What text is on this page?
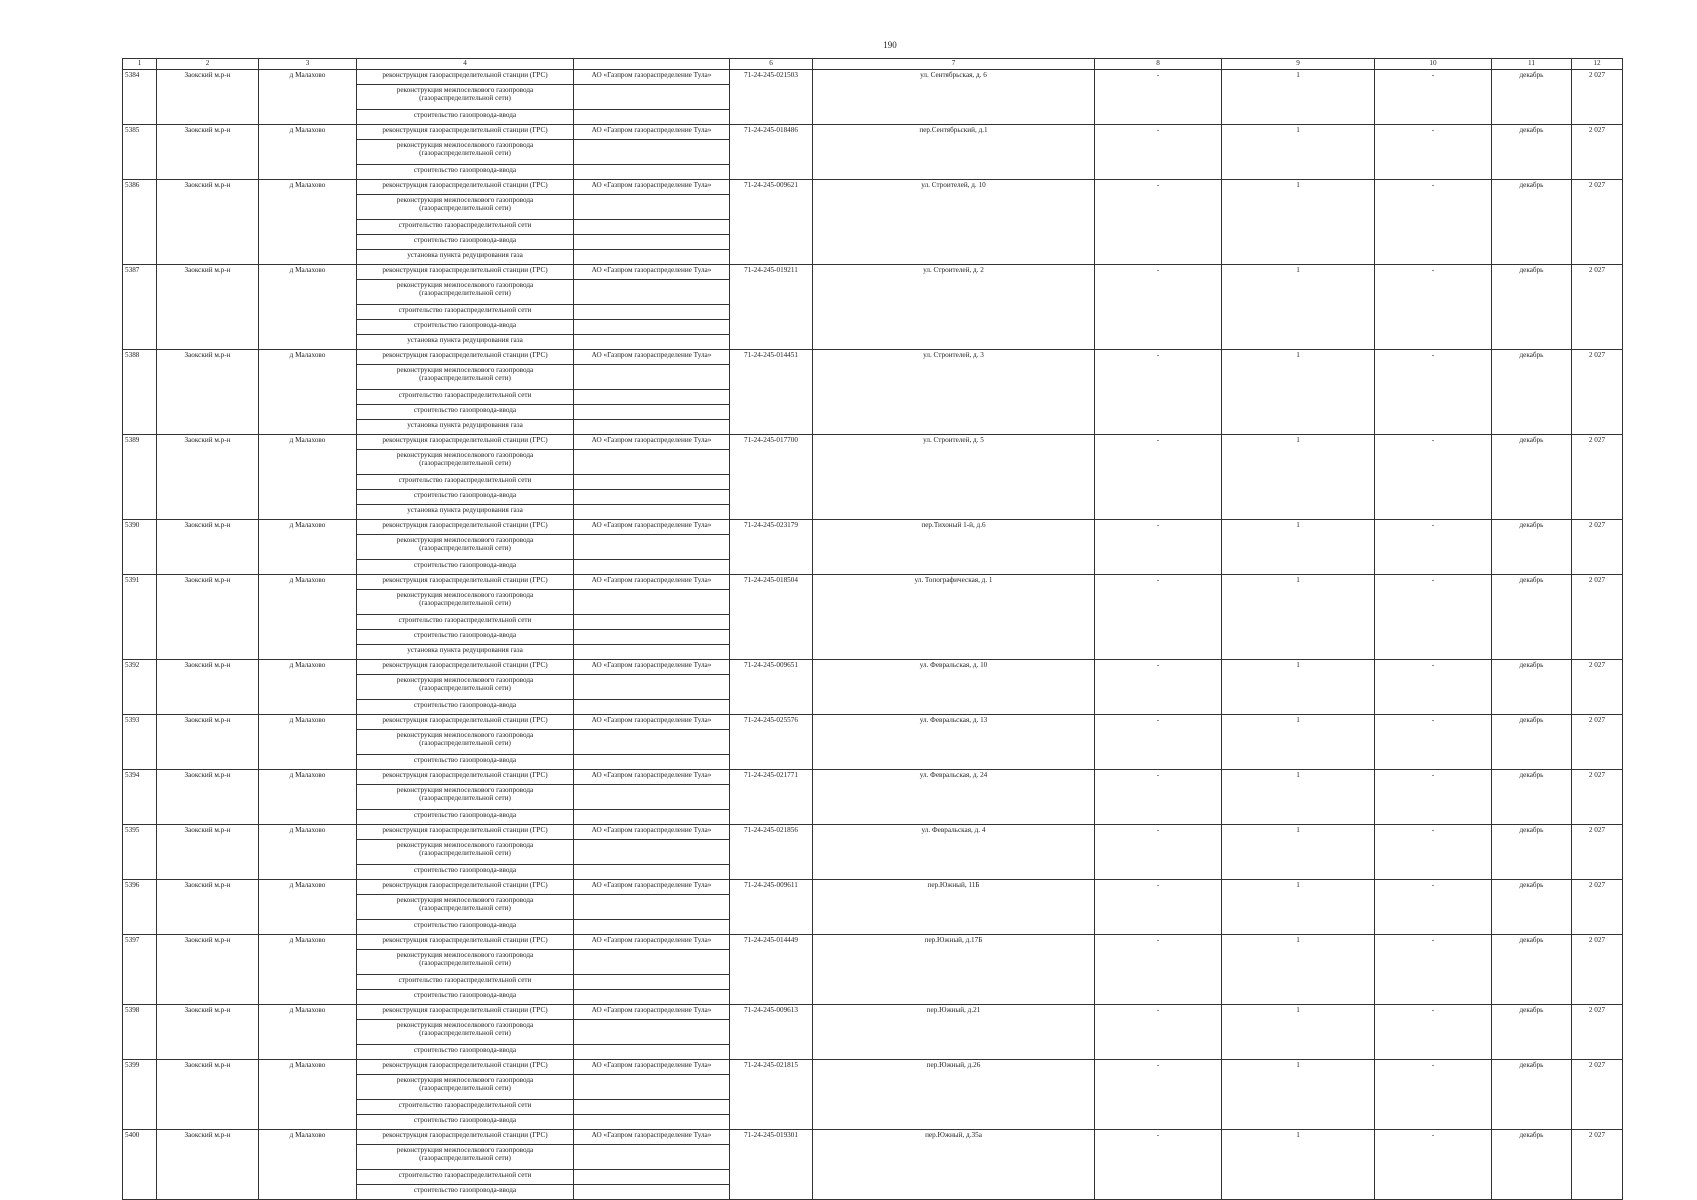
190
1	2	3	4		6	7	8	9	10	11	12
5384	Заокский м.р-н	д Малахово	реконструкция газораспределительной станции (ГРС)	АО «Газпром газораспределение Тула»	71-24-245-021503	ул. Сентябрьская, д. 6	-	1	-	декабрь	2 027
			реконструкция межпоселкового газопровода (газораспределительной сети)								
			строительство газопровода-ввода								
5385	Заокский м.р-н	д Малахово	реконструкция газораспределительной станции (ГРС)	АО «Газпром газораспределение Тула»	71-24-245-018486	пер.Сентябрьский, д.1	-	1	-	декабрь	2 027
			реконструкция межпоселкового газопровода (газораспределительной сети)								
			строительство газопровода-ввода								
5386	Заокский м.р-н	д Малахово	реконструкция газораспределительной станции (ГРС)	АО «Газпром газораспределение Тула»	71-24-245-009621	ул. Строителей, д. 10	-	1	-	декабрь	2 027
			реконструкция межпоселкового газопровода (газораспределительной сети)								
			строительство газораспределительной сети								
			строительство газопровода-ввода								
			установка пункта редуцирования газа								
5387	Заокский м.р-н	д Малахово	реконструкция газораспределительной станции (ГРС)	АО «Газпром газораспределение Тула»	71-24-245-019211	ул. Строителей, д. 2	-	1	-	декабрь	2 027
			реконструкция межпоселкового газопровода (газораспределительной сети)								
			строительство газораспределительной сети								
			строительство газопровода-ввода								
			установка пункта редуцирования газа								
5388	Заокский м.р-н	д Малахово	реконструкция газораспределительной станции (ГРС)	АО «Газпром газораспределение Тула»	71-24-245-014451	ул. Строителей, д. 3	-	1	-	декабрь	2 027
			реконструкция межпоселкового газопровода (газораспределительной сети)								
			строительство газораспределительной сети								
			строительство газопровода-ввода								
			установка пункта редуцирования газа								
5389	Заокский м.р-н	д Малахово	реконструкция газораспределительной станции (ГРС)	АО «Газпром газораспределение Тула»	71-24-245-017700	ул. Строителей, д. 5	-	1	-	декабрь	2 027
			реконструкция межпоселкового газопровода (газораспределительной сети)								
			строительство газораспределительной сети								
			строительство газопровода-ввода								
			установка пункта редуцирования газа								
5390	Заокский м.р-н	д Малахово	реконструкция газораспределительной станции (ГРС)	АО «Газпром газораспределение Тула»	71-24-245-023179	пер.Тихоный 1-й, д.6	-	1	-	декабрь	2 027
			реконструкция межпоселкового газопровода (газораспределительной сети)								
			строительство газопровода-ввода								
5391	Заокский м.р-н	д Малахово	реконструкция газораспределительной станции (ГРС)	АО «Газпром газораспределение Тула»	71-24-245-018504	ул. Топографическая, д. 1	-	1	-	декабрь	2 027
			реконструкция межпоселкового газопровода (газораспределительной сети)								
			строительство газораспределительной сети								
			строительство газопровода-ввода								
			установка пункта редуцирования газа								
5392	Заокский м.р-н	д Малахово	реконструкция газораспределительной станции (ГРС)	АО «Газпром газораспределение Тула»	71-24-245-009651	ул. Февральская, д. 10	-	1	-	декабрь	2 027
			реконструкция межпоселкового газопровода (газораспределительной сети)								
			строительство газопровода-ввода								
5393	Заокский м.р-н	д Малахово	реконструкция газораспределительной станции (ГРС)	АО «Газпром газораспределение Тула»	71-24-245-025576	ул. Февральская, д. 13	-	1	-	декабрь	2 027
			реконструкция межпоселкового газопровода (газораспределительной сети)								
			строительство газопровода-ввода								
5394	Заокский м.р-н	д Малахово	реконструкция газораспределительной станции (ГРС)	АО «Газпром газораспределение Тула»	71-24-245-021771	ул. Февральская, д. 24	-	1	-	декабрь	2 027
			реконструкция межпоселкового газопровода (газораспределительной сети)								
			строительство газопровода-ввода								
5395	Заокский м.р-н	д Малахово	реконструкция газораспределительной станции (ГРС)	АО «Газпром газораспределение Тула»	71-24-245-021856	ул. Февральская, д. 4	-	1	-	декабрь	2 027
			реконструкция межпоселкового газопровода (газораспределительной сети)								
			строительство газопровода-ввода								
5396	Заокский м.р-н	д Малахово	реконструкция газораспределительной станции (ГРС)	АО «Газпром газораспределение Тула»	71-24-245-009611	пер.Южный, 11Б	-	1	-	декабрь	2 027
			реконструкция межпоселкового газопровода (газораспределительной сети)								
			строительство газопровода-ввода								
5397	Заокский м.р-н	д Малахово	реконструкция газораспределительной станции (ГРС)	АО «Газпром газораспределение Тула»	71-24-245-014449	пер.Южный, д.17Б	-	1	-	декабрь	2 027
			реконструкция межпоселкового газопровода (газораспределительной сети)								
			строительство газораспределительной сети								
			строительство газопровода-ввода								
5398	Заокский м.р-н	д Малахово	реконструкция газораспределительной станции (ГРС)	АО «Газпром газораспределение Тула»	71-24-245-009613	пер.Южный, д.21	-	1	-	декабрь	2 027
			реконструкция межпоселкового газопровода (газораспределительной сети)								
			строительство газопровода-ввода								
5399	Заокский м.р-н	д Малахово	реконструкция газораспределительной станции (ГРС)	АО «Газпром газораспределение Тула»	71-24-245-021815	пер.Южный, д.26	-	1	-	декабрь	2 027
			реконструкция межпоселкового газопровода (газораспределительной сети)								
			строительство газораспределительной сети								
			строительство газопровода-ввода								
5400	Заокский м.р-н	д Малахово	реконструкция газораспределительной станции (ГРС)	АО «Газпром газораспределение Тула»	71-24-245-019301	пер.Южный, д.35а	-	1	-	декабрь	2 027
			реконструкция межпоселкового газопровода (газораспределительной сети)								
			строительство газораспределительной сети								
			строительство газопровода-ввода								
